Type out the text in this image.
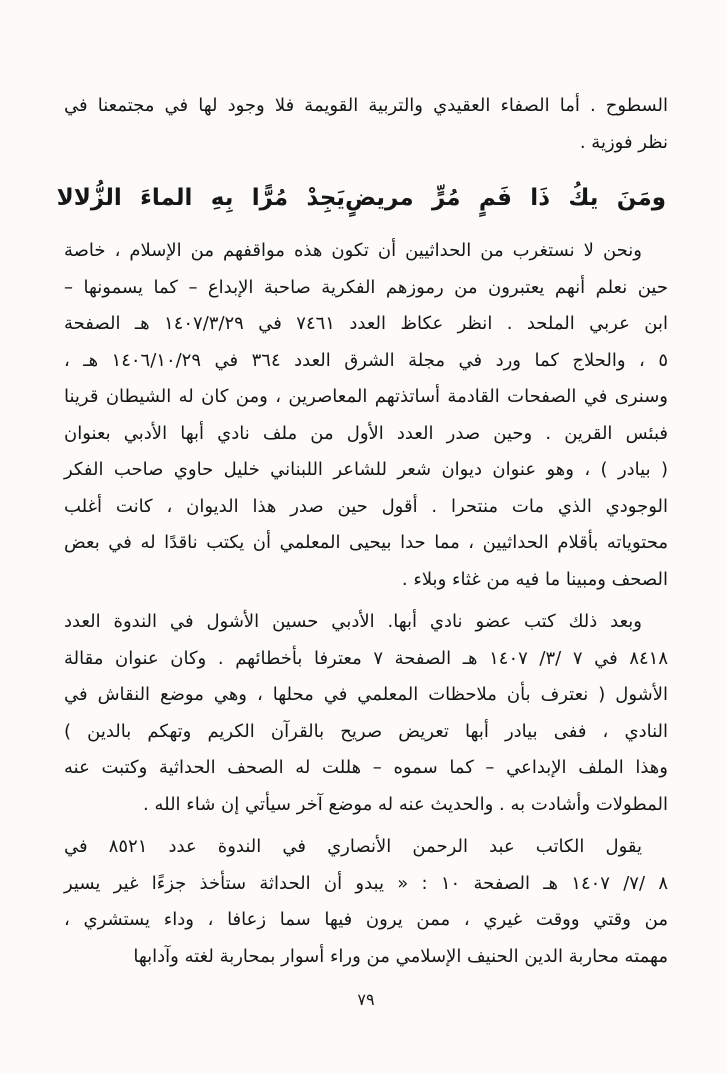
السطوح . أما الصفاء العقيدي والتربية القويمة فلا وجود لها في مجتمعنا في
نظر فوزية .
ومَنَ يكُ ذَا فَمٍ مُرٍّ مريضٍ
يَجِدْ مُرًّا بِهِ الماءَ الزُّلالا
ونحن لا نستغرب من الحداثيين أن تكون هذه مواقفهم من الإسلام ، خاصة
حين نعلم أنهم يعتبرون من رموزهم الفكرية صاحبة الإبداع – كما يسمونها –
ابن عربي الملحد . انظر عكاظ العدد ٧٤٦١ في ١٤٠٧/٣/٢٩ هـ الصفحة
٥ ، والحلاج كما ورد في مجلة الشرق العدد ٣٦٤ في ١٤٠٦/١٠/٢٩ هـ ،
وسنرى في الصفحات القادمة أساتذتهم المعاصرين ، ومن كان له الشيطان قرينا
فبئس القرين . وحين صدر العدد الأول من ملف نادي أبها الأدبي بعنوان
( بيادر ) ، وهو عنوان ديوان شعر للشاعر اللبناني خليل حاوي صاحب الفكر
الوجودي الذي مات منتحرا . أقول حين صدر هذا الديوان ، كانت أغلب
محتوياته بأقلام الحداثيين ، مما حدا بيحيى المعلمي أن يكتب ناقدًا له في بعض
الصحف ومبينا ما فيه من غثاء وبلاء .
وبعد ذلك كتب عضو نادي أبها. الأدبي حسين الأشول في الندوة العدد
٨٤١٨ في ٧ /٣/ ١٤٠٧ هـ الصفحة ٧ معترفا بأخطائهم . وكان عنوان مقالة
الأشول ( نعترف بأن ملاحظات المعلمي في محلها ، وهي موضع النقاش في
النادي ، ففى بيادر أبها تعريض صريح بالقرآن الكريم وتهكم بالدين )
وهذا الملف الإبداعي – كما سموه – هللت له الصحف الحداثية وكتبت عنه
المطولات وأشادت به . والحديث عنه له موضع آخر سيأتي إن شاء الله .
يقول الكاتب عبد الرحمن الأنصاري في الندوة عدد ٨٥٢١ في
٨ /٧/ ١٤٠٧ هـ الصفحة ١٠ : « يبدو أن الحداثة ستأخذ جزءًا غير يسير
من وقتي ووقت غيري ، ممن يرون فيها سما زعافا ، وداء يستشري ،
مهمته محاربة الدين الحنيف الإسلامي من وراء أسوار بمحاربة لغته وآدابها
٧٩
